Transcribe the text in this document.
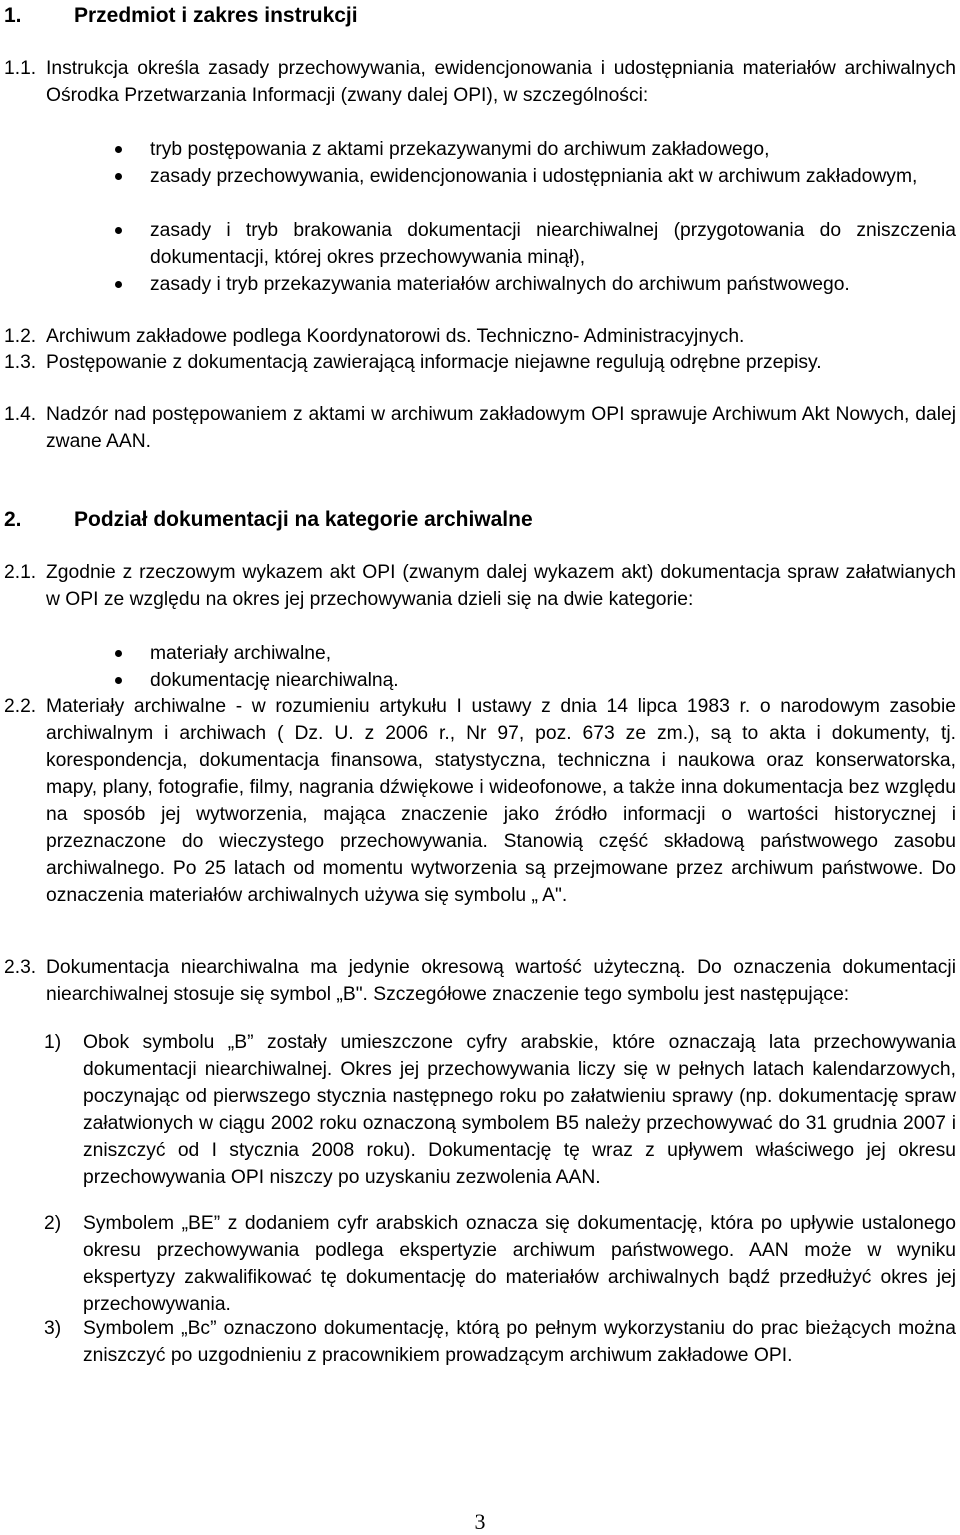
1. Przedmiot i zakres instrukcji
1.1. Instrukcja określa zasady przechowywania, ewidencjonowania i udostępniania materiałów archiwalnych Ośrodka Przetwarzania Informacji (zwany dalej OPI), w szczególności:
tryb postępowania z aktami przekazywanymi do archiwum zakładowego,
zasady przechowywania, ewidencjonowania i udostępniania akt w archiwum zakładowym,
zasady i tryb brakowania dokumentacji niearchiwalnej (przygotowania do zniszczenia dokumentacji, której okres przechowywania minął),
zasady i tryb przekazywania materiałów archiwalnych do archiwum państwowego.
1.2. Archiwum zakładowe podlega Koordynatorowi ds. Techniczno- Administracyjnych.
1.3. Postępowanie z dokumentacją zawierającą informacje niejawne regulują odrębne przepisy.
1.4. Nadzór nad postępowaniem z aktami w archiwum zakładowym OPI sprawuje Archiwum Akt Nowych, dalej zwane AAN.
2. Podział dokumentacji na kategorie archiwalne
2.1. Zgodnie z rzeczowym wykazem akt OPI (zwanym dalej wykazem akt) dokumentacja spraw załatwianych w OPI ze względu na okres jej przechowywania dzieli się na dwie kategorie:
materiały archiwalne,
dokumentację niearchiwalną.
2.2. Materiały archiwalne - w rozumieniu artykułu I ustawy z dnia 14 lipca 1983 r. o narodowym zasobie archiwalnym i archiwach ( Dz. U. z 2006 r., Nr 97, poz. 673 ze zm.), są to akta i dokumenty, tj. korespondencja, dokumentacja finansowa, statystyczna, techniczna i naukowa oraz konserwatorska, mapy, plany, fotografie, filmy, nagrania dźwiękowe i wideofonowe, a także inna dokumentacja bez względu na sposób jej wytworzenia, mająca znaczenie jako źródło informacji o wartości historycznej i przeznaczone do wieczystego przechowywania. Stanowią część składową państwowego zasobu archiwalnego. Po 25 latach od momentu wytworzenia są przejmowane przez archiwum państwowe. Do oznaczenia materiałów archiwalnych używa się symbolu „ A".
2.3. Dokumentacja niearchiwalna ma jedynie okresową wartość użyteczną. Do oznaczenia dokumentacji niearchiwalnej stosuje się symbol „B". Szczegółowe znaczenie tego symbolu jest następujące:
1) Obok symbolu „B” zostały umieszczone cyfry arabskie, które oznaczają lata przechowywania dokumentacji niearchiwalnej. Okres jej przechowywania liczy się w pełnych latach kalendarzowych, poczynając od pierwszego stycznia następnego roku po załatwieniu sprawy (np. dokumentację spraw załatwionych w ciągu 2002 roku oznaczoną symbolem B5 należy przechowywać do 31 grudnia 2007 i zniszczyć od I stycznia 2008 roku). Dokumentację tę wraz z upływem właściwego jej okresu przechowywania OPI niszczy po uzyskaniu zezwolenia AAN.
2) Symbolem „BE” z dodaniem cyfr arabskich oznacza się dokumentację, która po upływie ustalonego okresu przechowywania podlega ekspertyzie archiwum państwowego. AAN może w wyniku ekspertyzy zakwalifikować tę dokumentację do materiałów archiwalnych bądź przedłużyć okres jej przechowywania.
3) Symbolem „Bc” oznaczono dokumentację, którą po pełnym wykorzystaniu do prac bieżących można zniszczyć po uzgodnieniu z pracownikiem prowadzącym archiwum zakładowe OPI.
3
